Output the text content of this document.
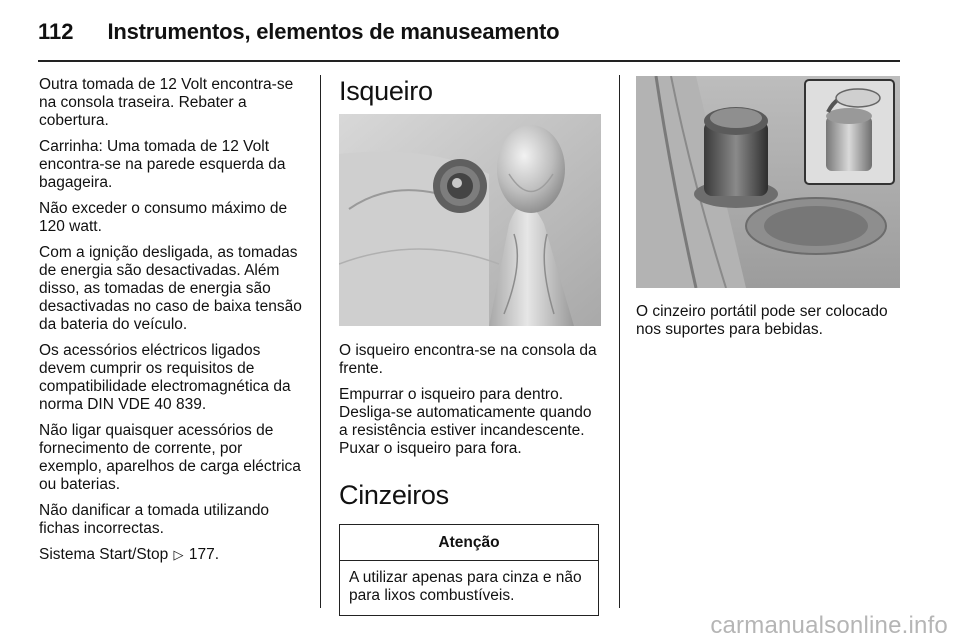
112 Instrumentos, elementos de manuseamento

Outra tomada de 12 Volt encontra-se na consola traseira. Rebater a cobertura.

Carrinha: Uma tomada de 12 Volt encontra-se na parede esquerda da bagageira.

Não exceder o consumo máximo de 120 watt.

Com a ignição desligada, as tomadas de energia são desactivadas. Além disso, as tomadas de energia são desactivadas no caso de baixa tensão da bateria do veículo.

Os acessórios eléctricos ligados devem cumprir os requisitos de compatibilidade electromagnética da norma DIN VDE 40 839.

Não ligar quaisquer acessórios de fornecimento de corrente, por exemplo, aparelhos de carga eléctrica ou baterias.

Não danificar a tomada utilizando fichas incorrectas.

Sistema Start/Stop ▷ 177.

Isqueiro

O isqueiro encontra-se na consola da frente.

Empurrar o isqueiro para dentro. Desliga-se automaticamente quando a resistência estiver incandescente. Puxar o isqueiro para fora.

Cinzeiros
Atenção
A utilizar apenas para cinza e não para lixos combustíveis.

O cinzeiro portátil pode ser colocado nos suportes para bebidas.

carmanualsonline.info
